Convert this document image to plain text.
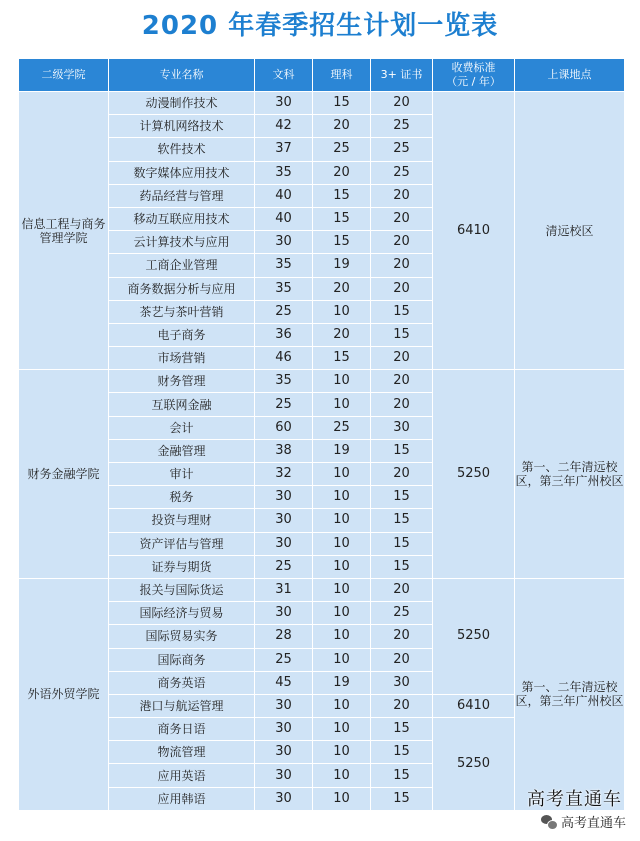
2020 年春季招生计划一览表
二级学院	专业名称	文科	理科	3+ 证书	收费标准
（元 / 年）	上课地点
信息工程与商务管理学院	动漫制作技术	30	15	20	6410	清远校区
	计算机网络技术	42	20	25		
	软件技术	37	25	25		
	数字媒体应用技术	35	20	25		
	药品经营与管理	40	15	20		
	移动互联应用技术	40	15	20		
	云计算技术与应用	30	15	20		
	工商企业管理	35	19	20		
	商务数据分析与应用	35	20	20		
	茶艺与茶叶营销	25	10	15		
	电子商务	36	20	15		
	市场营销	46	15	20		
财务金融学院	财务管理	35	10	20	5250	第一、二年清远校区，第三年广州校区
	互联网金融	25	10	20		
	会计	60	25	30		
	金融管理	38	19	15		
	审计	32	10	20		
	税务	30	10	15		
	投资与理财	30	10	15		
	资产评估与管理	30	10	15		
	证券与期货	25	10	15		
外语外贸学院	报关与国际货运	31	10	20	5250	第一、二年清远校区，第三年广州校区
	国际经济与贸易	30	10	25		
	国际贸易实务	28	10	20		
	国际商务	25	10	20		
	商务英语	45	19	30		
	港口与航运管理	30	10	20	6410	
	商务日语	30	10	15	5250	
	物流管理	30	10	15		
	应用英语	30	10	15		
	应用韩语	30	10	15			高考直通车
高考直通车
